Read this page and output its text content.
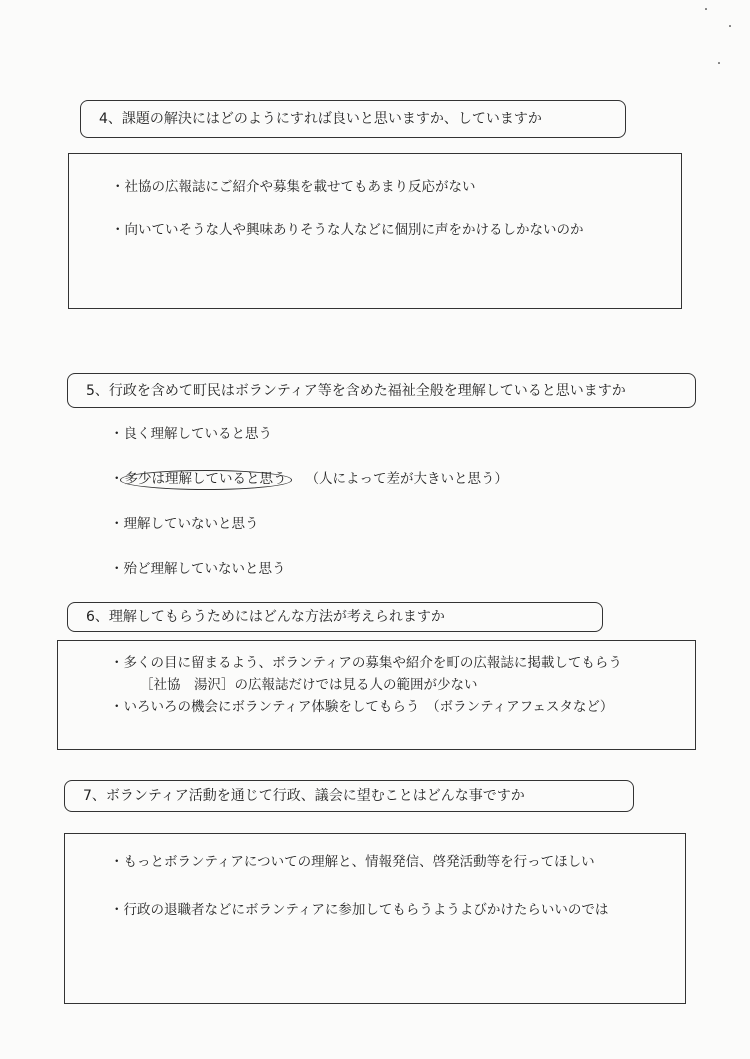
4、課題の解決にはどのようにすれば良いと思いますか、していますか
・社協の広報誌にご紹介や募集を載せてもあまり反応がない
・向いていそうな人や興味ありそうな人などに個別に声をかけるしかないのか
5、行政を含めて町民はボランティア等を含めた福祉全般を理解していると思いますか
・良く理解していると思う
・多少は理解していると思う （人によって差が大きいと思う）
・理解していないと思う
・殆ど理解していないと思う
6、理解してもらうためにはどんな方法が考えられますか
・多くの目に留まるよう、ボランティアの募集や紹介を町の広報誌に掲載してもらう
［社協　湯沢］の広報誌だけでは見る人の範囲が少ない
・いろいろの機会にボランティア体験をしてもらう　（ボランティアフェスタなど）
7、ボランティア活動を通じて行政、議会に望むことはどんな事ですか
・もっとボランティアについての理解と、情報発信、啓発活動等を行ってほしい
・行政の退職者などにボランティアに参加してもらうようよびかけたらいいのでは
